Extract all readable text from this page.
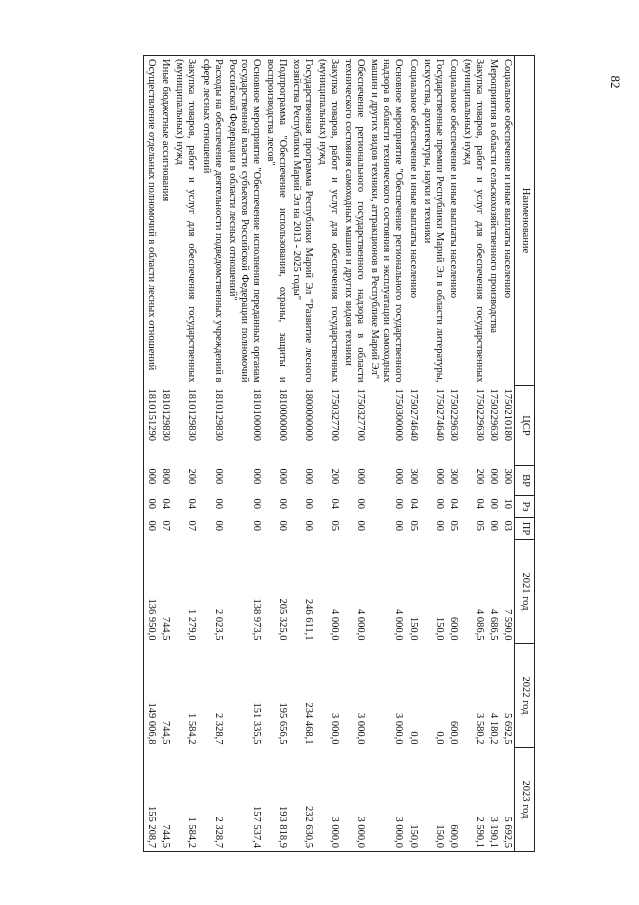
82
Наименование	ЦСР	ВР	Рз	ПР	2021 год	2022 год	2023 год
Социальное обеспечение и иные выплаты населению	1750210180	300	10	03	7 590,0	5 692,5	5 692,5
Мероприятия в области сельскохозяйственного производства	1750229630	000	00	00	4 686,5	4 180,2	3 190,1
Закупка товаров, работ и услуг для обеспечения государственных (муниципальных) нужд	1750229630	200	04	05	4 086,5	3 580,2	2 590,1
Социальное обеспечение и иные выплаты населению	1750229630	300	04	05	600,0	600,0	600,0
Государственные премии Республики Марий Эл в области литературы, искусства, архитектуры, науки и техники	1750274640	000	00	00	150,0	0,0	150,0
Социальное обеспечение и иные выплаты населению	1750274640	300	04	05	150,0	0,0	150,0
Основное мероприятие "Обеспечение регионального государственного надзора в области технического состояния и эксплуатации самоходных машин и других видов техники, аттракционов в Республике Марий Эл"	1750300000	000	00	00	4 000,0	3 000,0	3 000,0
Обеспечение регионального государственного надзора в области технического состояния самоходных машин и других видов техники	1750327700	000	00	00	4 000,0	3 000,0	3 000,0
Закупка товаров, работ и услуг для обеспечения государственных (муниципальных) нужд	1750327700	200	04	05	4 000,0	3 000,0	3 000,0
Государственная программа Республики Марий Эл "Развитие лесного хозяйства Республики Марий Эл на 2013 - 2025 годы"	1800000000	000	00	00	246 611,1	234 468,1	232 630,5
Подпрограмма "Обеспечение использования, охраны, защиты и воспроизводства лесов"	1810000000	000	00	00	205 325,0	195 656,5	193 818,9
Основное мероприятие "Обеспечение исполнения переданных органам государственной власти субъектов Российской Федерации полномочий Российской Федерации в области лесных отношений"	1810100000	000	00	00	138 973,5	151 335,5	157 537,4
Расходы на обеспечение деятельности подведомственных учреждений в сфере лесных отношений	1810129830	000	00	00	2 023,5	2 328,7	2 328,7
Закупка товаров, работ и услуг для обеспечения государственных (муниципальных) нужд	1810129830	200	04	07	1 279,0	1 584,2	1 584,2
Иные бюджетные ассигнования	1810129830	800	04	07	744,5	744,5	744,5
Осуществление отдельных полномочий в области лесных отношений	1810151290	000	00	00	136 950,0	149 006,8	155 208,7
